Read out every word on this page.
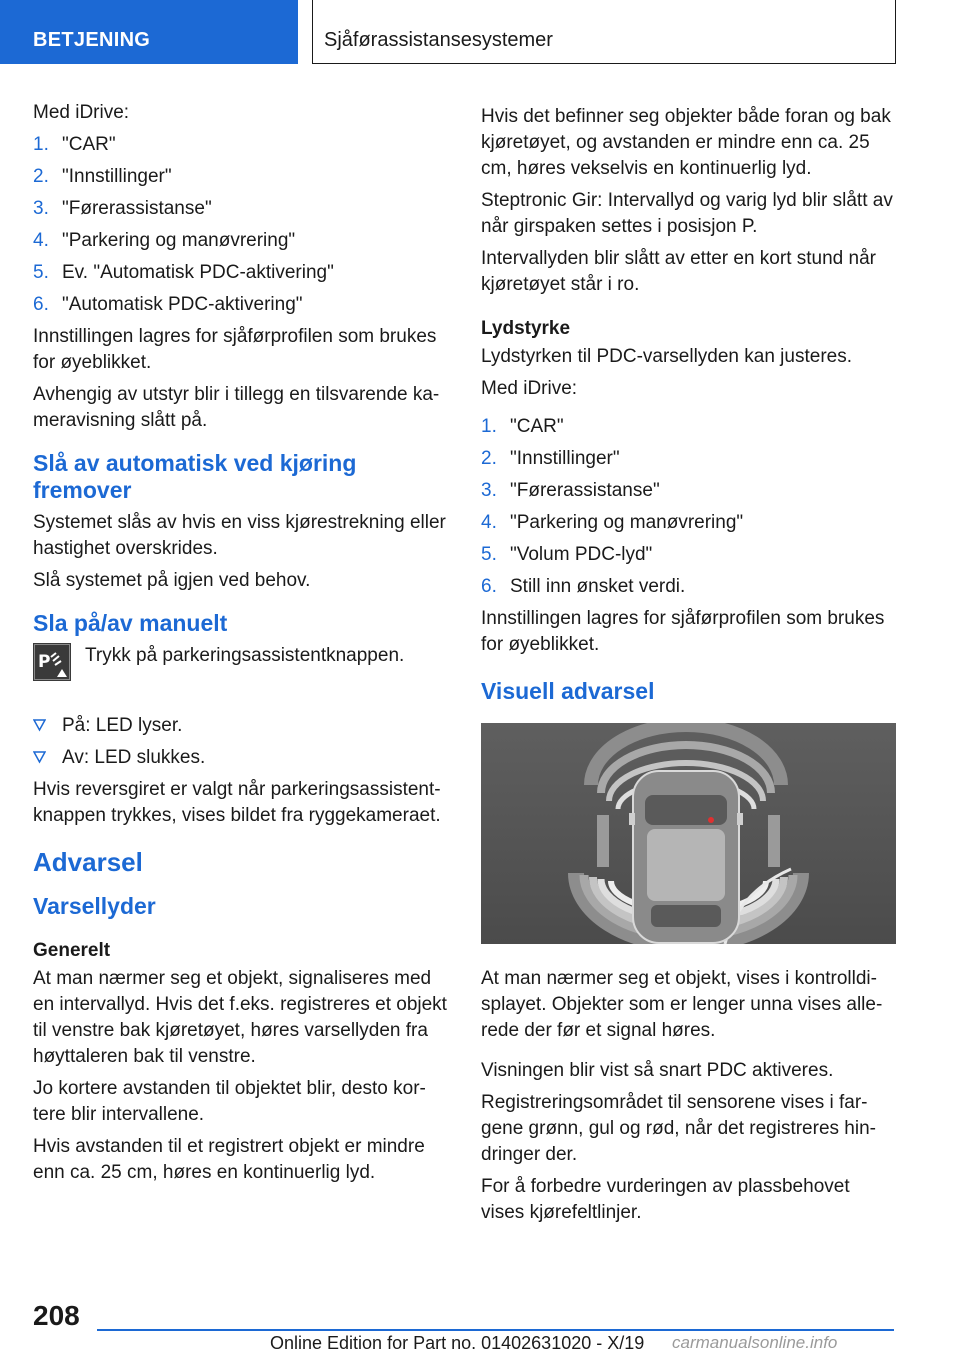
BETJENING	Sjåførassistansesystemer

Med iDrive:

1. "CAR"
2. "Innstillinger"
3. "Førerassistanse"
4. "Parkering og manøvrering"
5. Ev. "Automatisk PDC-aktivering"
6. "Automatisk PDC-aktivering"

Innstillingen lagres for sjåførprofilen som brukes for øyeblikket.

Avhengig av utstyr blir i tillegg en tilsvarende ka-meravisning slått på.

Slå av automatisk ved kjøring fremover

Systemet slås av hvis en viss kjørestrekning eller hastighet overskrides.

Slå systemet på igjen ved behov.

Sla på/av manuelt
P Trykk på parkeringsassistentknappen.

På: LED lyser.
Av: LED slukkes.

Hvis reversgiret er valgt når parkeringsassistent-knappen trykkes, vises bildet fra ryggekameraet.

Advarsel
Varsellyder
Generelt

At man nærmer seg et objekt, signaliseres med en intervallyd. Hvis det f.eks. registreres et objekt til venstre bak kjøretøyet, høres varsellyden fra høyttaleren bak til venstre.

Jo kortere avstanden til objektet blir, desto kor-tere blir intervallene.

Hvis avstanden til et registrert objekt er mindre enn ca. 25 cm, høres en kontinuerlig lyd.

Hvis det befinner seg objekter både foran og bak kjøretøyet, og avstanden er mindre enn ca. 25 cm, høres vekselvis en kontinuerlig lyd.

Steptronic Gir: Intervallyd og varig lyd blir slått av når girspaken settes i posisjon P.

Intervallyden blir slått av etter en kort stund når kjøretøyet står i ro.

Lydstyrke

Lydstyrken til PDC-varsellyden kan justeres.

Med iDrive:

1. "CAR"
2. "Innstillinger"
3. "Førerassistanse"
4. "Parkering og manøvrering"
5. "Volum PDC-lyd"
6. Still inn ønsket verdi.

Innstillingen lagres for sjåførprofilen som brukes for øyeblikket.

Visuell advarsel

At man nærmer seg et objekt, vises i kontrolldi-splayet. Objekter som er lenger unna vises alle-rede der før et signal høres.

Visningen blir vist så snart PDC aktiveres.

Registreringsområdet til sensorene vises i far-gene grønn, gul og rød, når det registreres hin-dringer der.

For å forbedre vurderingen av plassbehovet vises kjørefeltlinjer.

208
Online Edition for Part no. 01402631020 - X/19 carmanualsonline.info
